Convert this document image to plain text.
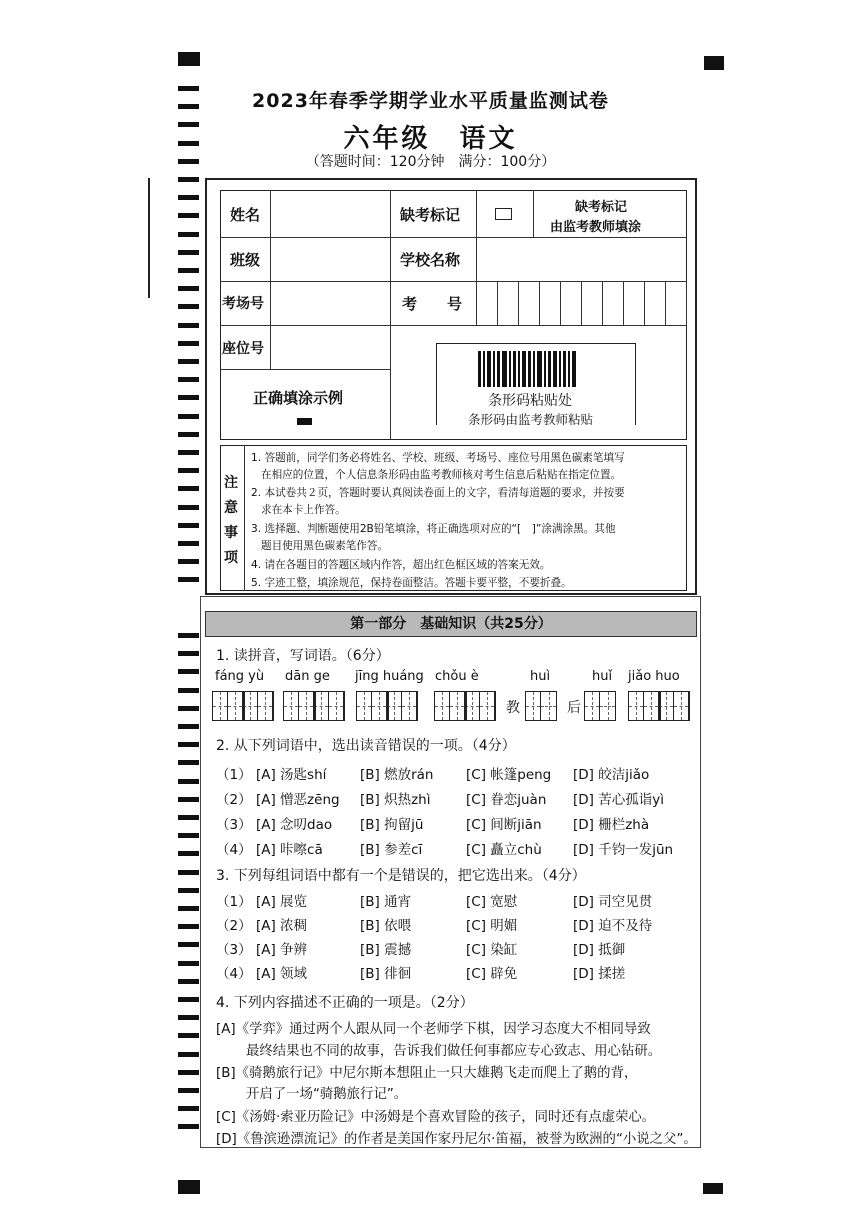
2023年春季学期学业水平质量监测试卷
六年级　语文
（答题时间：120分钟　满分：100分）
姓名	缺考标记	缺考标记
由监考教师填涂
班级	学校名称
考场号	考　　号
座位号
正确填涂示例	条形码粘贴处
条形码由监考教师粘贴
注
意
事
项
1. 答题前，同学们务必将姓名、学校、班级、考场号、座位号用黑色碳素笔填写
在相应的位置，个人信息条形码由监考教师核对考生信息后粘贴在指定位置。
2. 本试卷共２页，答题时要认真阅读卷面上的文字，看清每道题的要求，并按要
求在本卡上作答。
3. 选择题、判断题使用2B铅笔填涂，将正确选项对应的“[　]”涂满涂黑。其他
题目使用黑色碳素笔作答。
4. 请在各题目的答题区域内作答，超出红色框区域的答案无效。
5. 字迹工整，填涂规范，保持卷面整洁。答题卡要平整，不要折叠。
第一部分　基础知识（共25分）
1. 读拼音，写词语。（6分）
fáng yù dān ge jīng huáng chǒu è	huì	huǐ jiǎo huo
教	后
2. 从下列词语中，选出读音错误的一项。（4分）
（1） [A] 汤匙shí [B] 燃放rán [C] 帐篷peng [D] 皎洁jiǎo
（2） [A] 憎恶zēng [B] 炽热zhì	[C] 眷恋juàn [D] 苦心孤诣yì
（3） [A] 念叨dao [B] 拘留jū	[C] 间断jiān [D] 栅栏zhà
（4） [A] 咔嚓cā	[B] 参差cī	[C] 矗立chù [D] 千钧一发jūn
3. 下列每组词语中都有一个是错误的，把它选出来。（4分）
（1） [A] 展览	[B] 通宵	[C] 宽慰	[D] 司空见贯
（2） [A] 浓稠	[B] 依喂	[C] 明媚	[D] 迫不及待
（3） [A] 争辨	[B] 震撼	[C] 染缸	[D] 抵御
（4） [A] 领域	[B] 徘徊	[C] 辟免	[D] 揉搓
4. 下列内容描述不正确的一项是。（2分）
[A]《学弈》通过两个人跟从同一个老师学下棋，因学习态度大不相同导致
最终结果也不同的故事，告诉我们做任何事都应专心致志、用心钻研。
[B]《骑鹅旅行记》中尼尔斯本想阻止一只大雄鹅飞走而爬上了鹅的背，
开启了一场“骑鹅旅行记”。
[C]《汤姆·索亚历险记》中汤姆是个喜欢冒险的孩子，同时还有点虚荣心。
[D]《鲁滨逊漂流记》的作者是美国作家丹尼尔·笛福，被誉为欧洲的“小说之父”。
